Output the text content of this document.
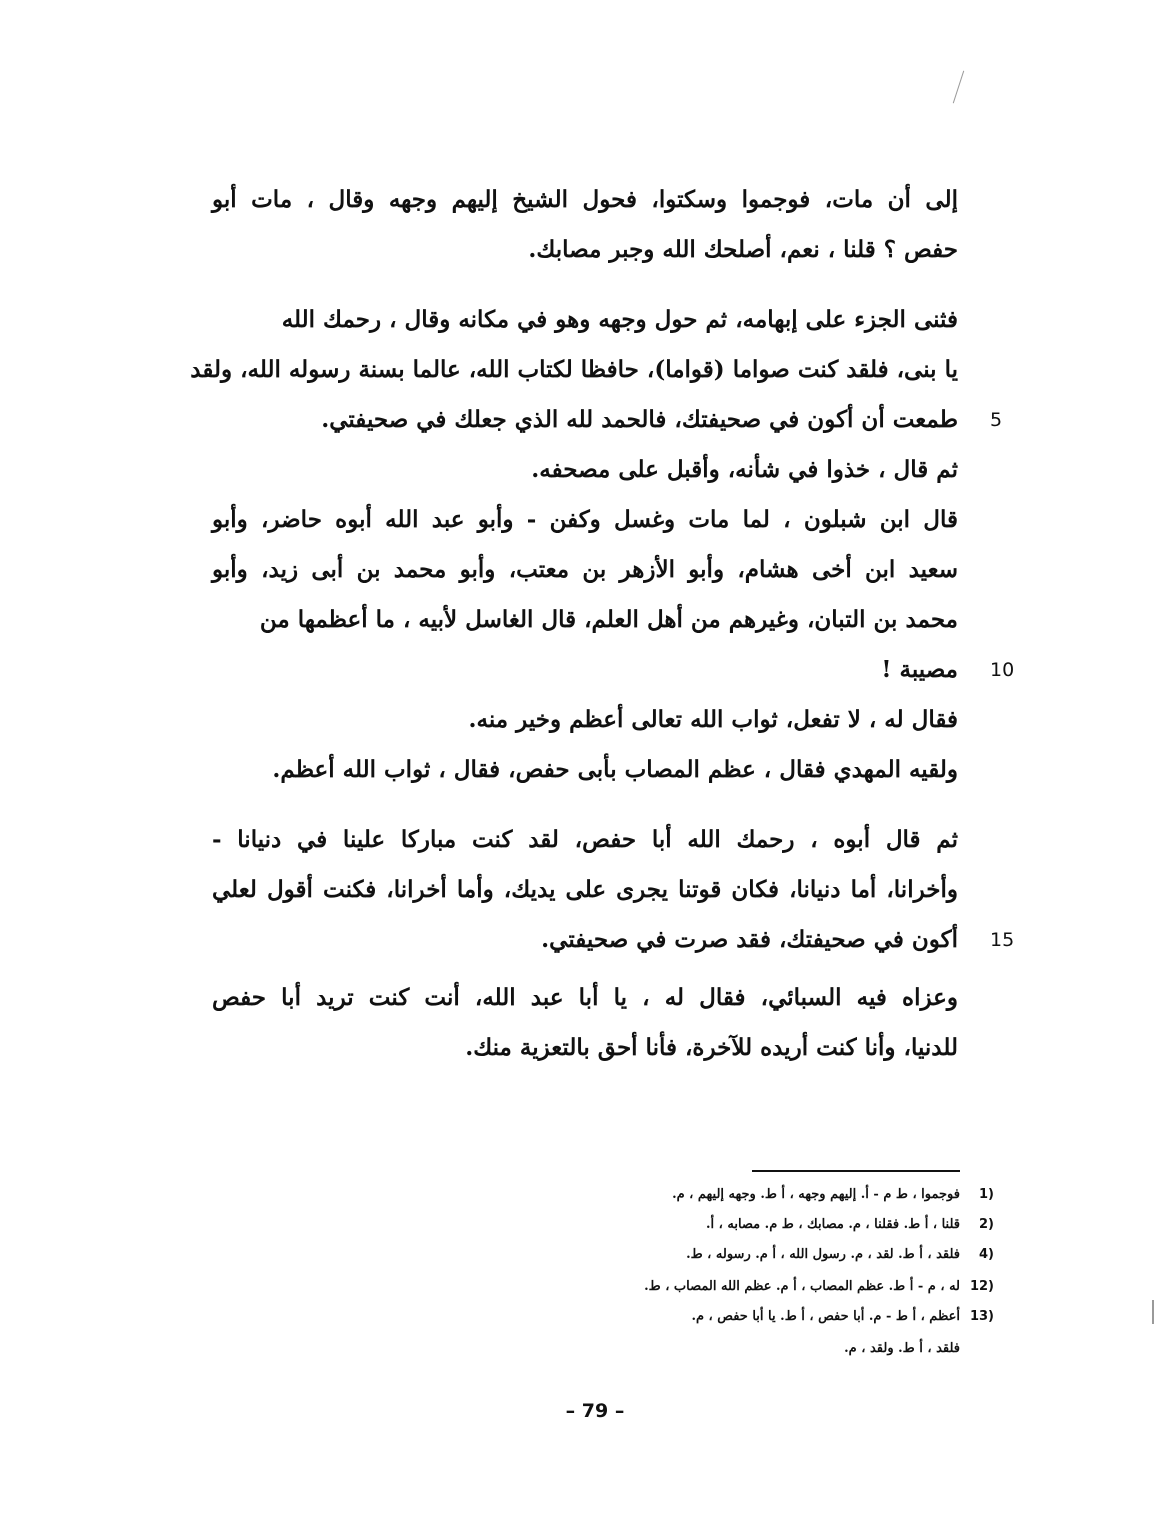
إلى أن مات، فوجموا وسكتوا، فحول الشيخ إليهم وجهه وقال ، مات أبو
حفص ؟ قلنا ، نعم، أصلحك الله وجبر مصابك.
فثنى الجزء على إبهامه، ثم حول وجهه وهو في مكانه وقال ، رحمك الله
يا بنى، فلقد كنت صواما (قواما)، حافظا لكتاب الله، عالما بسنة رسوله الله، ولقد
طمعت أن أكون في صحيفتك، فالحمد لله الذي جعلك في صحيفتي. 5
ثم قال ، خذوا في شأنه، وأقبل على مصحفه.
قال ابن شبلون ، لما مات وغسل وكفن - وأبو عبد الله أبوه حاضر، وأبو
سعيد ابن أخى هشام، وأبو الأزهر بن معتب، وأبو محمد بن أبى زيد، وأبو
محمد بن التبان، وغيرهم من أهل العلم، قال الغاسل لأبيه ، ما أعظمها من
مصيبة ! 10
فقال له ، لا تفعل، ثواب الله تعالى أعظم وخير منه.
ولقيه المهدي فقال ، عظم المصاب بأبى حفص، فقال ، ثواب الله أعظم.
ثم قال أبوه ، رحمك الله أبا حفص، لقد كنت مباركا علينا في دنيانا -
وأخرانا، أما دنيانا، فكان قوتنا يجرى على يديك، وأما أخرانا، فكنت أقول لعلي
أكون في صحيفتك، فقد صرت في صحيفتي. 15
وعزاه فيه السبائي، فقال له ، يا أبا عبد الله، أنت كنت تريد أبا حفص
للدنيا، وأنا كنت أريده للآخرة، فأنا أحق بالتعزية منك.
1)
فوجموا ، ط م - أ. إليهم وجهه ، أ ط. وجهه إليهم ، م.
2)
قلنا ، أ ط. فقلنا ، م. مصابك ، ط م. مصابه ، أ.
4)
فلقد ، أ ط. لقد ، م. رسول الله ، أ م. رسوله ، ط.
12)
له ، م - أ ط. عظم المصاب ، أ م. عظم الله المصاب ، ط.
13)
أعظم ، أ ط - م. أبا حفص ، أ ط. يا أبا حفص ، م.
فلقد ، أ ط. ولقد ، م.
– 79 –
